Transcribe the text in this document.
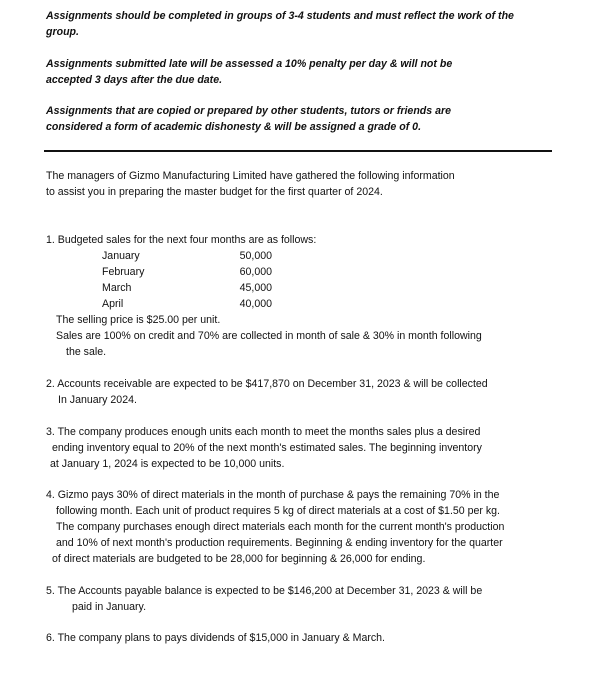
Assignments should be completed in groups of 3-4 students and must reflect the work of the group.
Assignments submitted late will be assessed a 10% penalty per day & will not be
accepted 3 days after the due date.
Assignments that are copied or prepared by other students, tutors or friends are
considered a form of academic dishonesty & will be assigned a grade of 0.
The managers of Gizmo Manufacturing Limited have gathered the following information
to assist you in preparing the master budget for the first quarter of 2024.
1. Budgeted sales for the next four months are as follows:
January	50,000
February	60,000
March	45,000
April	40,000
The selling price is $25.00 per unit.
Sales are 100% on credit and 70% are collected in month of sale & 30% in month following
the sale.
2. Accounts receivable are expected to be $417,870 on December 31, 2023 & will be collected
In January 2024.
3. The company produces enough units each month to meet the months sales plus a desired
ending inventory equal to 20% of the next month's estimated sales. The beginning inventory
at January 1, 2024 is expected to be 10,000 units.
4. Gizmo pays 30% of direct materials in the month of purchase & pays the remaining 70% in the
following month. Each unit of product requires 5 kg of direct materials at a cost of $1.50 per kg.
The company purchases enough direct materials each month for the current month's production
and 10% of next month's production requirements. Beginning & ending inventory for the quarter
of direct materials are budgeted to be 28,000 for beginning & 26,000 for ending.
5. The Accounts payable balance is expected to be $146,200 at December 31, 2023 & will be
paid in January.
6. The company plans to pays dividends of $15,000 in January & March.
